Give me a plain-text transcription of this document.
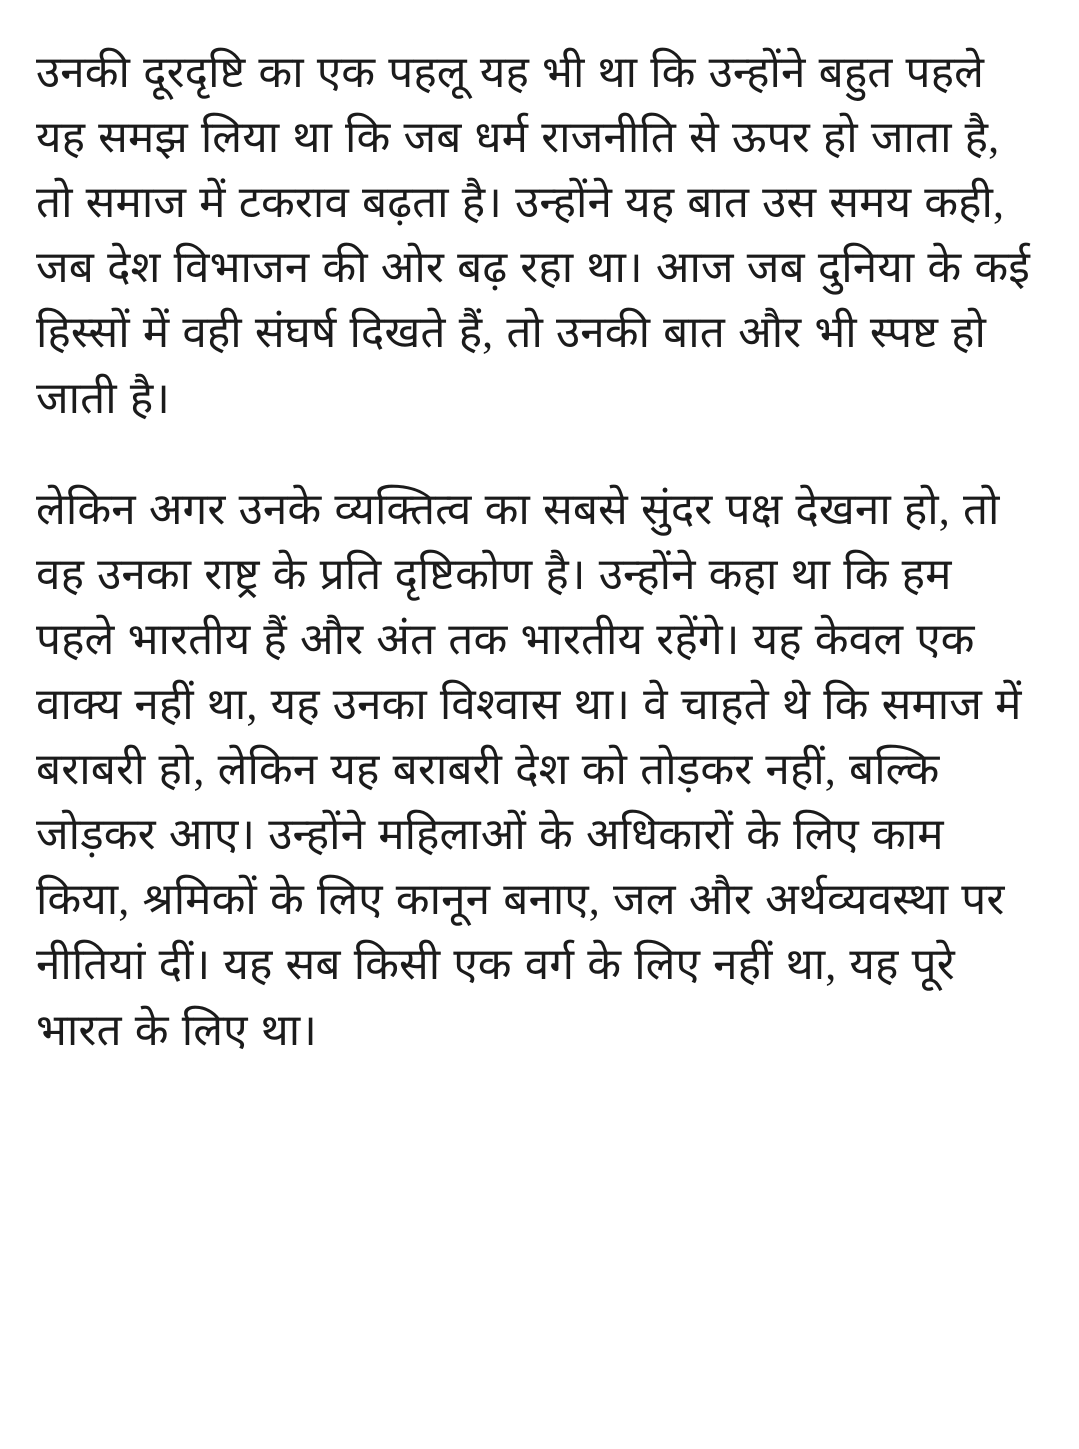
उनकी दूरदृष्टि का एक पहलू यह भी था कि उन्होंने बहुत पहले यह समझ लिया था कि जब धर्म राजनीति से ऊपर हो जाता है, तो समाज में टकराव बढ़ता है। उन्होंने यह बात उस समय कही, जब देश विभाजन की ओर बढ़ रहा था। आज जब दुनिया के कई हिस्सों में वही संघर्ष दिखते हैं, तो उनकी बात और भी स्पष्ट हो जाती है।

लेकिन अगर उनके व्यक्तित्व का सबसे सुंदर पक्ष देखना हो, तो वह उनका राष्ट्र के प्रति दृष्टिकोण है। उन्होंने कहा था कि हम पहले भारतीय हैं और अंत तक भारतीय रहेंगे। यह केवल एक वाक्य नहीं था, यह उनका विश्वास था। वे चाहते थे कि समाज में बराबरी हो, लेकिन यह बराबरी देश को तोड़कर नहीं, बल्कि जोड़कर आए। उन्होंने महिलाओं के अधिकारों के लिए काम किया, श्रमिकों के लिए कानून बनाए, जल और अर्थव्यवस्था पर नीतियां दीं। यह सब किसी एक वर्ग के लिए नहीं था, यह पूरे भारत के लिए था।
